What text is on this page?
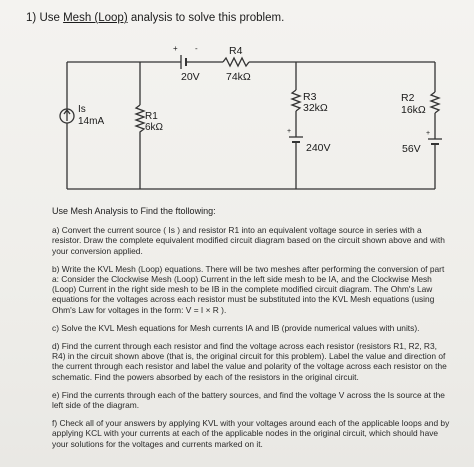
1) Use Mesh (Loop) analysis to solve this problem.
Is
14mA	R1
6kΩ
+ -
20V
R4
74kΩ
R3
32kΩ
+
240V
R2
16kΩ
+
56V
Use Mesh Analysis to Find the ftollowing:
a) Convert the current source ( Is ) and resistor R1 into an equivalent voltage source in series with a resistor. Draw the complete equivalent modified circuit diagram based on the circuit shown above and with your conversion applied.
b) Write the KVL Mesh (Loop) equations. There will be two meshes after performing the conversion of part a: Consider the Clockwise Mesh (Loop) Current in the left side mesh to be IA, and the Clockwise Mesh (Loop) Current in the right side mesh to be IB in the complete modified circuit diagram. The Ohm's Law equations for the voltages across each resistor must be substituted into the KVL Mesh equations (using Ohm's Law for voltages in the form: V = I × R ).
c) Solve the KVL Mesh equations for Mesh currents IA and IB (provide numerical values with units).
d) Find the current through each resistor and find the voltage across each resistor (resistors R1, R2, R3, R4) in the circuit shown above (that is, the original circuit for this problem). Label the value and direction of the current through each resistor and label the value and polarity of the voltage across each resistor on the schematic. Find the powers absorbed by each of the resistors in the original circuit.
e) Find the currents through each of the battery sources, and find the voltage V across the Is source at the left side of the diagram.
f) Check all of your answers by applying KVL with your voltages around each of the applicable loops and by applying KCL with your currents at each of the applicable nodes in the original circuit, which should have your solutions for the voltages and currents marked on it.
